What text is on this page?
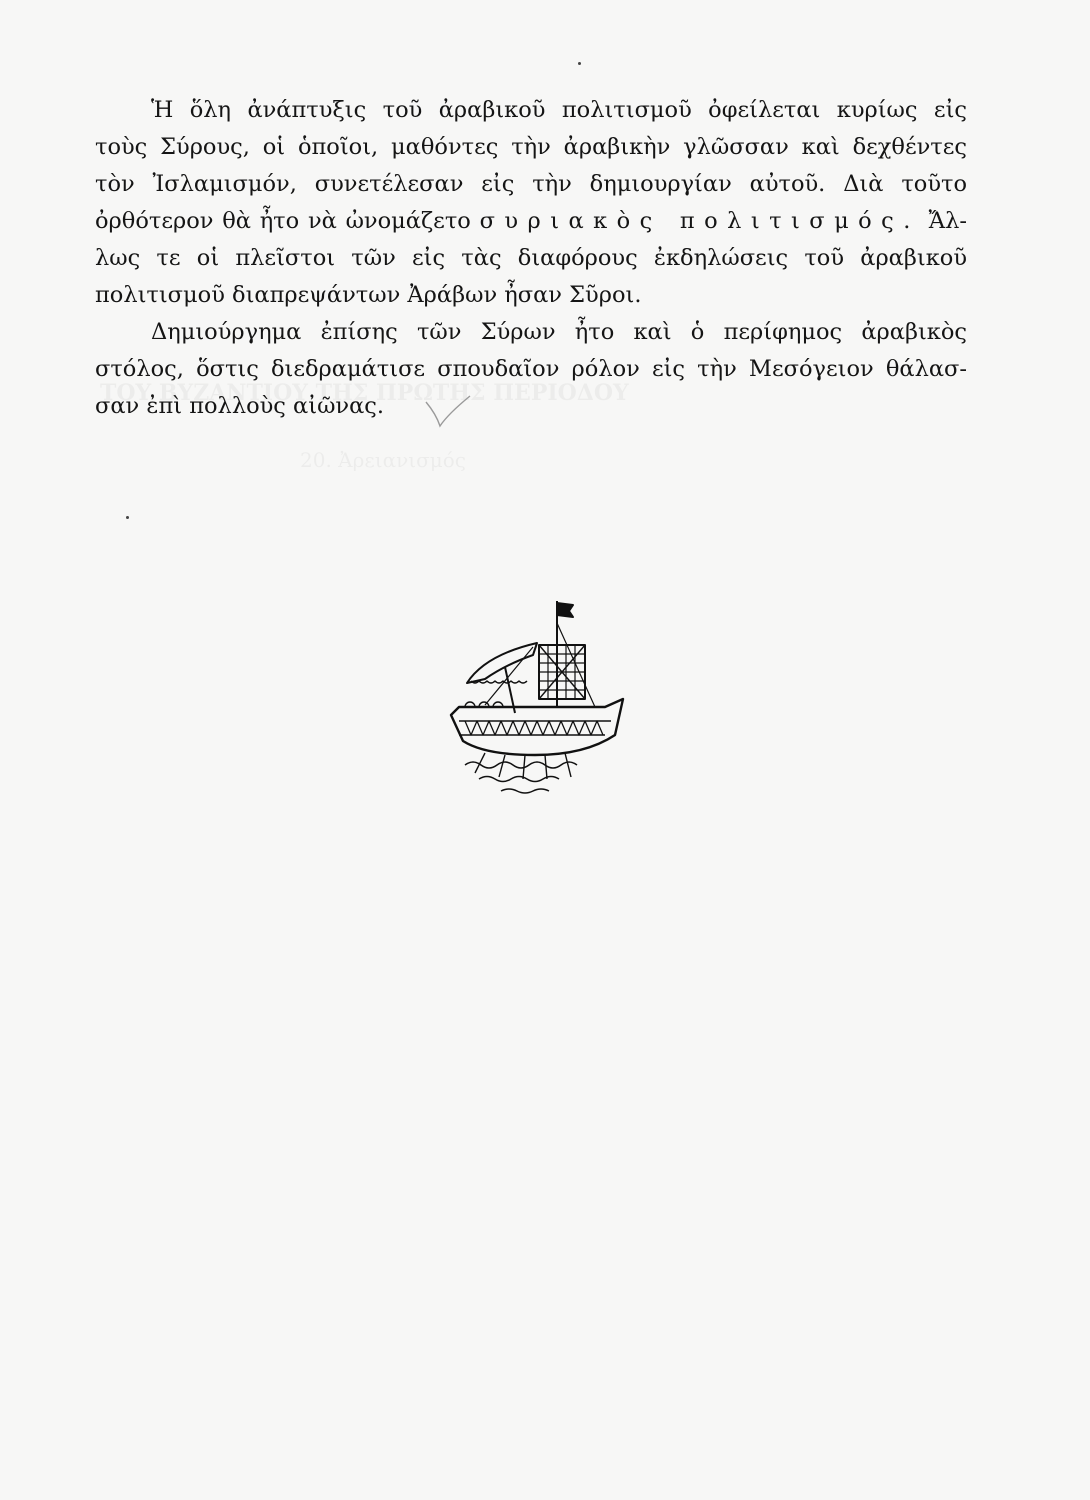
Ἡ ὅλη ἀνάπτυξις τοῦ ἀραβικοῦ πολιτισμοῦ ὀφείλεται κυρίως εἰς
τοὺς Σύρους, οἱ ὁποῖοι, μαθόντες τὴν ἀραβικὴν γλῶσσαν καὶ δεχθέντες
τὸν Ἰσλαμισμόν, συνετέλεσαν εἰς τὴν δημιουργίαν αὐτοῦ. Διὰ τοῦτο
ὀρθότερον θὰ ἦτο νὰ ὠνομάζετο συριακὸς πολιτισμός. Ἄλ-
λως τε οἱ πλεῖστοι τῶν εἰς τὰς διαφόρους ἐκδηλώσεις τοῦ ἀραβικοῦ
πολιτισμοῦ διαπρεψάντων Ἀράβων ἦσαν Σῦροι.
Δημιούργημα ἐπίσης τῶν Σύρων ἦτο καὶ ὁ περίφημος ἀραβικὸς
στόλος, ὅστις διεδραμάτισε σπουδαῖον ρόλον εἰς τὴν Μεσόγειον θάλασ-
σαν ἐπὶ πολλοὺς αἰῶνας.
